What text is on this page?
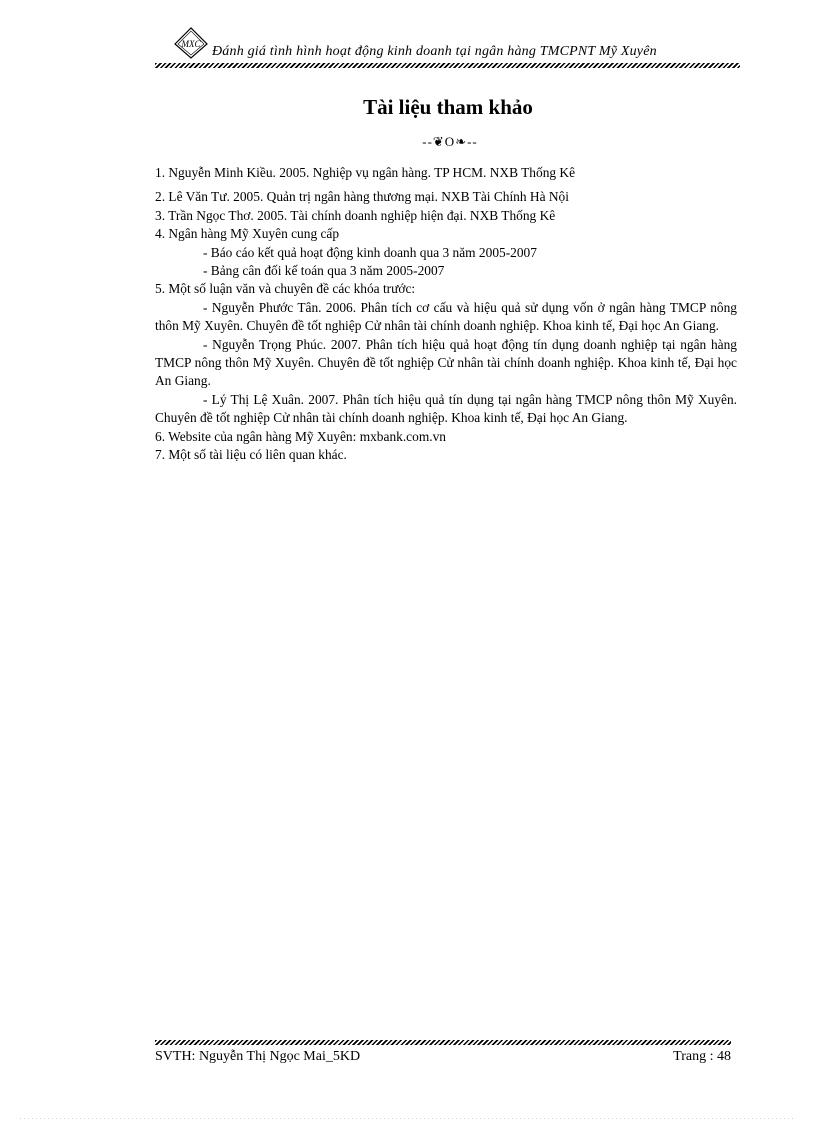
MXC Đánh giá tình hình hoạt động kinh doanh tại ngân hàng TMCPNT Mỹ Xuyên
Tài liệu tham khảo
--❦O❧--

1. Nguyễn Minh Kiều. 2005. Nghiệp vụ ngân hàng. TP HCM. NXB Thống Kê

2. Lê Văn Tư. 2005. Quản trị ngân hàng thương mại. NXB Tài Chính Hà Nội

3. Trần Ngọc Thơ. 2005. Tài chính doanh nghiệp hiện đại. NXB Thống Kê

4. Ngân hàng Mỹ Xuyên cung cấp

- Báo cáo kết quả hoạt động kinh doanh qua 3 năm 2005-2007

- Bảng cân đối kế toán qua 3 năm 2005-2007

5. Một số luận văn và chuyên đề các khóa trước:

- Nguyễn Phước Tân. 2006. Phân tích cơ cấu và hiệu quả sử dụng vốn ở ngân hàng TMCP nông thôn Mỹ Xuyên. Chuyên đề tốt nghiệp Cử nhân tài chính doanh nghiệp. Khoa kinh tế, Đại học An Giang.

- Nguyễn Trọng Phúc. 2007. Phân tích hiệu quả hoạt động tín dụng doanh nghiệp tại ngân hàng TMCP nông thôn Mỹ Xuyên. Chuyên đề tốt nghiệp Cử nhân tài chính doanh nghiệp. Khoa kinh tế, Đại học An Giang.

- Lý Thị Lệ Xuân. 2007. Phân tích hiệu quả tín dụng tại ngân hàng TMCP nông thôn Mỹ Xuyên. Chuyên đề tốt nghiệp Cử nhân tài chính doanh nghiệp. Khoa kinh tế, Đại học An Giang.

6. Website của ngân hàng Mỹ Xuyên: mxbank.com.vn

7. Một số tài liệu có liên quan khác.

SVTH: Nguyễn Thị Ngọc Mai_5KD	Trang : 48
